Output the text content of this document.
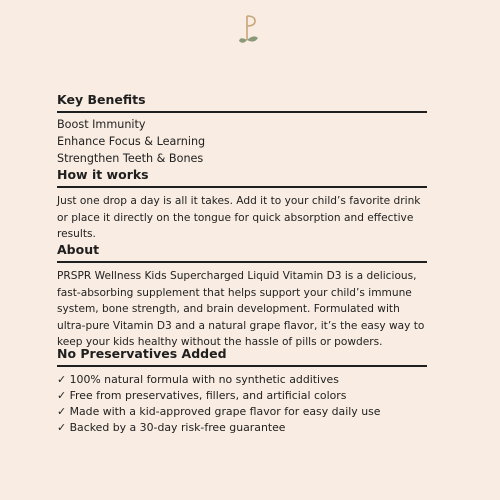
Key Benefits
Boost Immunity
Enhance Focus & Learning
Strengthen Teeth & Bones
How it works

Just one drop a day is all it takes. Add it to your child’s favorite drink or place it directly on the tongue for quick absorption and effective results.

About

PRSPR Wellness Kids Supercharged Liquid Vitamin D3 is a delicious, fast-absorbing supplement that helps support your child’s immune system, bone strength, and brain development. Formulated with ultra-pure Vitamin D3 and a natural grape flavor, it’s the easy way to keep your kids healthy without the hassle of pills or powders.

No Preservatives Added
✓ 100% natural formula with no synthetic additives
✓ Free from preservatives, fillers, and artificial colors
✓ Made with a kid-approved grape flavor for easy daily use
✓ Backed by a 30-day risk-free guarantee
